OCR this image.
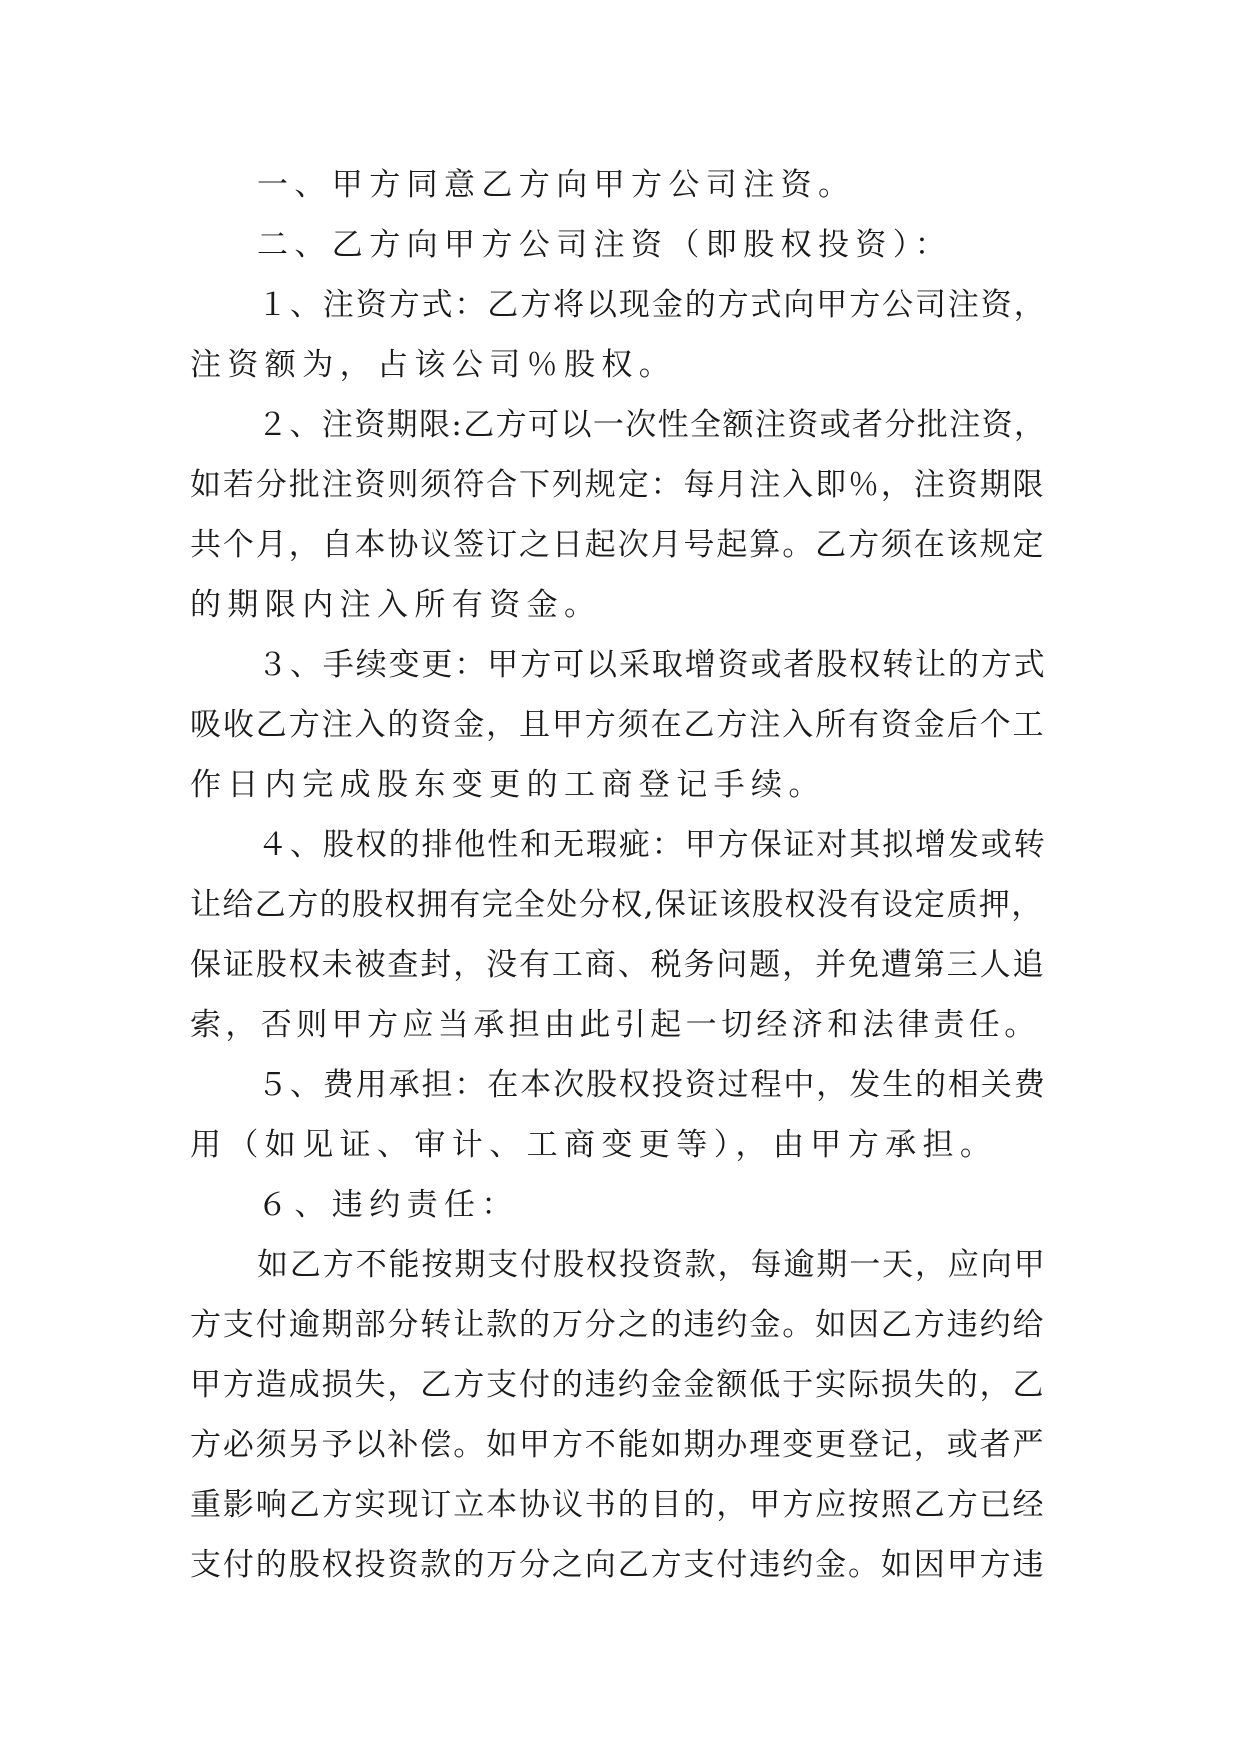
一、甲方同意乙方向甲方公司注资。
二、乙方向甲方公司注资（即股权投资）：
１、注资方式：乙方将以现金的方式向甲方公司注资，
注资额为，占该公司％股权。
２、注资期限:乙方可以一次性全额注资或者分批注资，
如若分批注资则须符合下列规定：每月注入即％，注资期限
共个月，自本协议签订之日起次月号起算。乙方须在该规定
的期限内注入所有资金。
３、手续变更：甲方可以采取增资或者股权转让的方式
吸收乙方注入的资金，且甲方须在乙方注入所有资金后个工
作日内完成股东变更的工商登记手续。
４、股权的排他性和无瑕疵：甲方保证对其拟增发或转
让给乙方的股权拥有完全处分权,保证该股权没有设定质押，
保证股权未被查封，没有工商、税务问题，并免遭第三人追
索，否则甲方应当承担由此引起一切经济和法律责任。
５、费用承担：在本次股权投资过程中，发生的相关费
用（如见证、审计、工商变更等），由甲方承担。
６、违约责任：
如乙方不能按期支付股权投资款，每逾期一天，应向甲
方支付逾期部分转让款的万分之的违约金。如因乙方违约给
甲方造成损失，乙方支付的违约金金额低于实际损失的，乙
方必须另予以补偿。如甲方不能如期办理变更登记，或者严
重影响乙方实现订立本协议书的目的，甲方应按照乙方已经
支付的股权投资款的万分之向乙方支付违约金。如因甲方违
